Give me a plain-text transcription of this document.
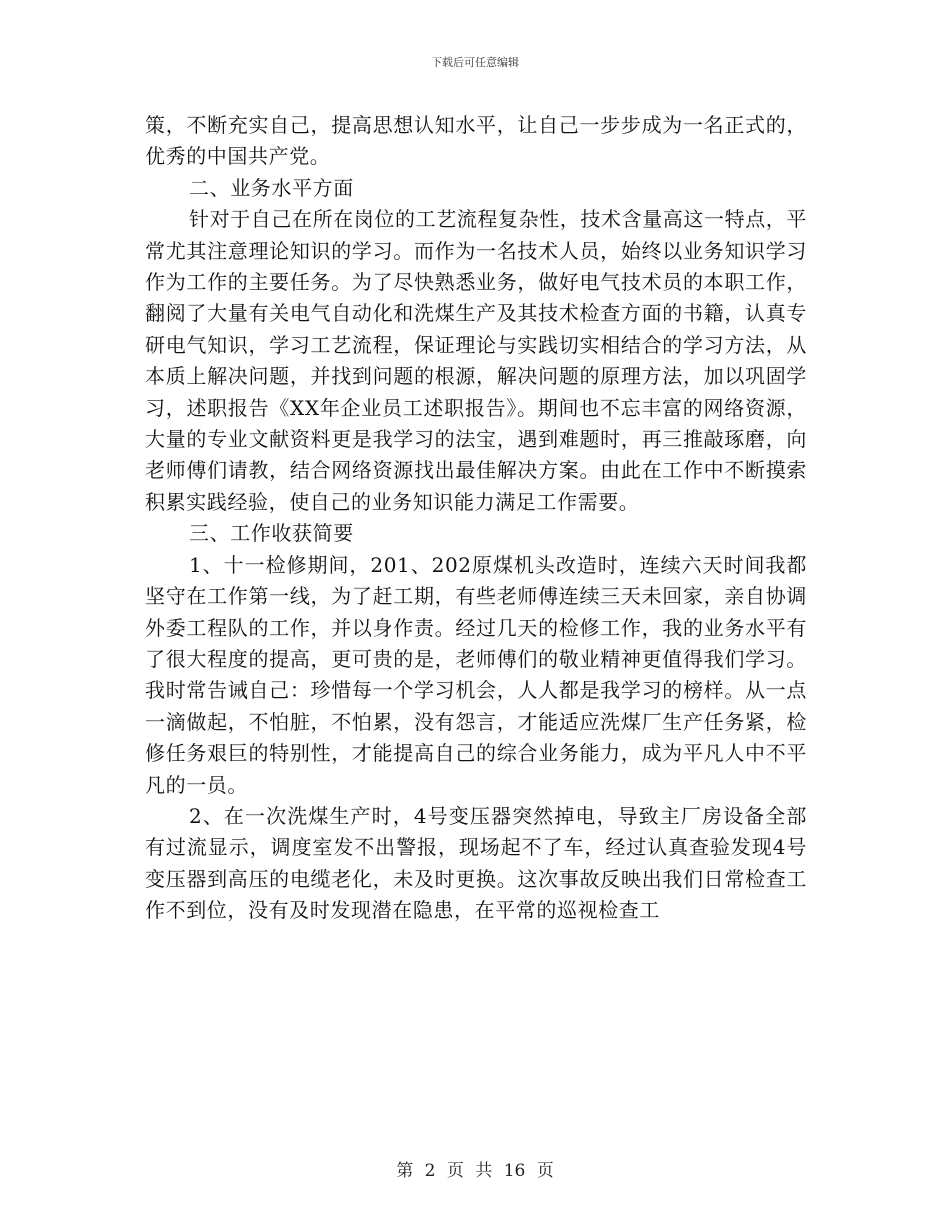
下载后可任意编辑

策，不断充实自己，提高思想认知水平，让自己一步步成为一名正式的，优秀的中国共产党。

二、业务水平方面

针对于自己在所在岗位的工艺流程复杂性，技术含量高这一特点，平常尤其注意理论知识的学习。而作为一名技术人员，始终以业务知识学习作为工作的主要任务。为了尽快熟悉业务，做好电气技术员的本职工作，翻阅了大量有关电气自动化和洗煤生产及其技术检查方面的书籍，认真专研电气知识，学习工艺流程，保证理论与实践切实相结合的学习方法，从本质上解决问题，并找到问题的根源，解决问题的原理方法，加以巩固学习，述职报告《XX年企业员工述职报告》。期间也不忘丰富的网络资源，大量的专业文献资料更是我学习的法宝，遇到难题时，再三推敲琢磨，向老师傅们请教，结合网络资源找出最佳解决方案。由此在工作中不断摸索积累实践经验，使自己的业务知识能力满足工作需要。

三、工作收获简要

1、十一检修期间，201、202原煤机头改造时，连续六天时间我都坚守在工作第一线，为了赶工期，有些老师傅连续三天未回家，亲自协调外委工程队的工作，并以身作责。经过几天的检修工作，我的业务水平有了很大程度的提高，更可贵的是，老师傅们的敬业精神更值得我们学习。我时常告诫自己：珍惜每一个学习机会，人人都是我学习的榜样。从一点一滴做起，不怕脏，不怕累，没有怨言，才能适应洗煤厂生产任务紧，检修任务艰巨的特别性，才能提高自己的综合业务能力，成为平凡人中不平凡的一员。

2、在一次洗煤生产时，4号变压器突然掉电，导致主厂房设备全部有过流显示，调度室发不出警报，现场起不了车，经过认真查验发现4号变压器到高压的电缆老化，未及时更换。这次事故反映出我们日常检查工作不到位，没有及时发现潜在隐患，在平常的巡视检查工

第 2 页 共 16 页
